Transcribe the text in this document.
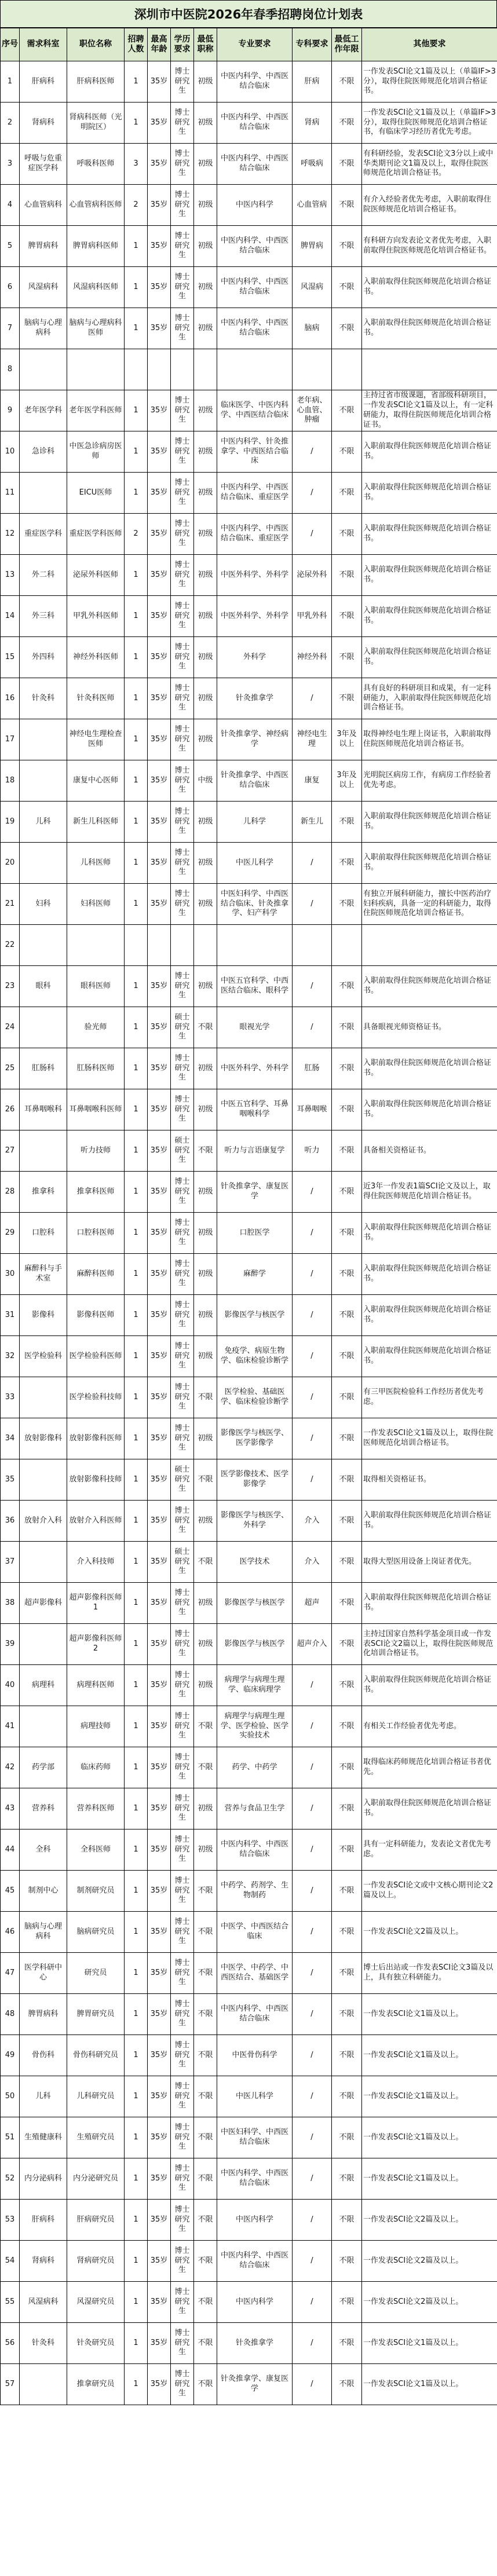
深圳市中医院2026年春季招聘岗位计划表
序号	需求科室	职位名称	招聘人数	最高年龄	学历要求	最低职称	专业要求	专科要求	最低工作年限	其他要求
1	肝病科	肝病科医师	1	35岁	博士研究生	初级	中医内科学、中西医结合临床	肝病	不限	一作发表SCI论文1篇及以上（单篇IF>3分），取得住院医师规范化培训合格证书。
2	肾病科	肾病科医师（光明院区）	1	35岁	博士研究生	初级	中医内科学、中西医结合临床	肾病	不限	一作发表SCI论文1篇及以上（单篇IF>3分），取得住院医师规范化培训合格证书，有临床学习经历者优先考虑。
3	呼吸与危重症医学科	呼吸科医师	3	35岁	博士研究生	初级	中医内科学、中西医结合临床	呼吸病	不限	有科研经验，发表SCI论文3分以上或中华类期刊论文1篇及以上，取得住院医师规范化培训合格证书。
4	心血管病科	心血管病科医师	2	35岁	博士研究生	初级	中医内科学	心血管病	不限	有介入经验者优先考虑，入职前取得住院医师规范化培训合格证书。
5	脾胃病科	脾胃病科医师	1	35岁	博士研究生	初级	中医内科学、中西医结合临床	脾胃病	不限	有科研方向发表论文者优先考虑，入职前取得住院医师规范化培训合格证书。
6	风湿病科	风湿病科医师	1	35岁	博士研究生	初级	中医内科学、中西医结合临床	风湿病	不限	入职前取得住院医师规范化培训合格证书。
7	脑病与心理病科	脑病与心理病科医师	1	35岁	博士研究生	初级	中医内科学、中西医结合临床	脑病	不限	入职前取得住院医师规范化培训合格证书。
8										
9	老年医学科	老年医学科医师	1	35岁	博士研究生	初级	临床医学、中医内科学、中西医结合临床	老年病、心血管、肿瘤	不限	主持过省市级课题，省部级科研项目，一作发表SCI论文1篇及以上，有一定科研能力，取得住院医师规范化培训合格证书。
10	急诊科	中医急诊病房医师	1	35岁	博士研究生	初级	中医内科学、针灸推拿学、中西医结合临床	/	不限	入职前取得住院医师规范化培训合格证书。
11		EICU医师	1	35岁	博士研究生	初级	中医内科学、中西医结合临床、重症医学	/	不限	入职前取得住院医师规范化培训合格证书。
12	重症医学科	重症医学科医师	2	35岁	博士研究生	初级	中医内科学、中西医结合临床、重症医学	/	不限	入职前取得住院医师规范化培训合格证书。
13	外二科	泌尿外科医师	1	35岁	博士研究生	初级	中医外科学、外科学	泌尿外科	不限	入职前取得住院医师规范化培训合格证书。
14	外三科	甲乳外科医师	1	35岁	博士研究生	初级	中医外科学、外科学	甲乳外科	不限	入职前取得住院医师规范化培训合格证书。
15	外四科	神经外科医师	1	35岁	博士研究生	初级	外科学	神经外科	不限	入职前取得住院医师规范化培训合格证书。
16	针灸科	针灸科医师	1	35岁	博士研究生	初级	针灸推拿学	/	不限	具有良好的科研项目和成果，有一定科研能力，入职前取得住院医师规范化培训合格证书。
17		神经电生理检查医师	1	35岁	博士研究生	初级	针灸推拿学、神经病学	神经电生理	3年及以上	取得神经电生理上岗证书，入职前取得住院医师规范化培训合格证书。
18		康复中心医师	1	35岁	博士研究生	中级	针灸推拿学、中西医结合临床	康复	3年及以上	光明院区病房工作，有病房工作经验者优先考虑。
19	儿科	新生儿科医师	1	35岁	博士研究生	初级	儿科学	新生儿	不限	入职前取得住院医师规范化培训合格证书。
20		儿科医师	1	35岁	博士研究生	初级	中医儿科学	/	不限	入职前取得住院医师规范化培训合格证书。
21	妇科	妇科医师	1	35岁	博士研究生	初级	中医妇科学、中西医结合临床、针灸推拿学、妇产科学	/	不限	有独立开展科研能力，擅长中医药治疗妇科疾病，具备一定的科研能力，取得住院医师规范化培训合格证书。
22										
23	眼科	眼科医师	1	35岁	博士研究生	初级	中医五官科学、中西医结合临床、眼科学	/	不限	入职前取得住院医师规范化培训合格证书。
24		验光师	1	35岁	硕士研究生	不限	眼视光学	/	不限	具备眼视光师资格证书。
25	肛肠科	肛肠科医师	1	35岁	博士研究生	初级	中医外科学、外科学	肛肠	不限	入职前取得住院医师规范化培训合格证书。
26	耳鼻咽喉科	耳鼻咽喉科医师	1	35岁	博士研究生	初级	中医五官科学、耳鼻咽喉科学	耳鼻咽喉	不限	入职前取得住院医师规范化培训合格证书。
27		听力技师	1	35岁	硕士研究生	不限	听力与言语康复学	听力	不限	具备相关资格证书。
28	推拿科	推拿科医师	1	35岁	博士研究生	初级	针灸推拿学、康复医学	/	不限	近3年一作发表1篇SCI论文及以上，取得住院医师规范化培训合格证书。
29	口腔科	口腔科医师	1	35岁	博士研究生	初级	口腔医学	/	不限	入职前取得住院医师规范化培训合格证书。
30	麻醉科与手术室	麻醉科医师	1	35岁	博士研究生	初级	麻醉学	/	不限	入职前取得住院医师规范化培训合格证书。
31	影像科	影像科医师	1	35岁	博士研究生	初级	影像医学与核医学	/	不限	入职前取得住院医师规范化培训合格证书。
32	医学检验科	医学检验科医师	1	35岁	博士研究生	初级	免疫学、病原生物学、临床检验诊断学	/	不限	入职前取得住院医师规范化培训合格证书。
33		医学检验科技师	1	35岁	博士研究生	不限	医学检验、基础医学、临床检验诊断学	/	不限	有三甲医院检验科工作经历者优先考虑。
34	放射影像科	放射影像科医师	1	35岁	博士研究生	初级	影像医学与核医学、医学影像学	/	不限	一作发表SCI论文1篇及以上，取得住院医师规范化培训合格证书。
35		放射影像科技师	1	35岁	硕士研究生	不限	医学影像技术、医学影像学	/	不限	取得相关资格证书。
36	放射介入科	放射介入科医师	1	35岁	博士研究生	初级	影像医学与核医学、外科学	介入	不限	入职前取得住院医师规范化培训合格证书。
37		介入科技师	1	35岁	硕士研究生	不限	医学技术	介入	不限	取得大型医用设备上岗证者优先。
38	超声影像科	超声影像科医师1	1	35岁	博士研究生	初级	影像医学与核医学	超声	不限	入职前取得住院医师规范化培训合格证书。
39		超声影像科医师2	1	35岁	博士研究生	初级	影像医学与核医学	超声介入	不限	主持过国家自然科学基金项目或一作发表SCI论文2篇以上，取得住院医师规范化培训合格证书。
40	病理科	病理科医师	1	35岁	博士研究生	初级	病理学与病理生理学、临床病理学	/	不限	入职前取得住院医师规范化培训合格证书。
41		病理技师	1	35岁	博士研究生	不限	病理学与病理生理学、医学检验、医学实验技术	/	不限	有相关工作经验者优先考虑。
42	药学部	临床药师	1	35岁	博士研究生	不限	药学、中药学	/	不限	取得临床药师规范化培训合格证书者优先。
43	营养科	营养科医师	1	35岁	博士研究生	初级	营养与食品卫生学	/	不限	入职前取得住院医师规范化培训合格证书。
44	全科	全科医师	1	35岁	博士研究生	初级	中医内科学、中西医结合临床	/	不限	具有一定科研能力，发表论文者优先考虑。
45	制剂中心	制剂研究员	1	35岁	博士研究生	不限	中药学、药剂学、生物制药	/	不限	一作发表SCI论文或中文核心期刊论文2篇及以上。
46	脑病与心理病科	脑病研究员	1	35岁	博士研究生	不限	中医学、中西医结合临床	/	不限	一作发表SCI论文2篇及以上。
47	医学科研中心	研究员	1	35岁	博士研究生	不限	中医学、中药学、中西医结合、基础医学	/	不限	博士后出站或一作发表SCI论文3篇及以上，具有独立科研能力。
48	脾胃病科	脾胃研究员	1	35岁	博士研究生	不限	中医内科学、中西医结合临床	/	不限	一作发表SCI论文1篇及以上。
49	骨伤科	骨伤科研究员	1	35岁	博士研究生	不限	中医骨伤科学	/	不限	一作发表SCI论文1篇及以上。
50	儿科	儿科研究员	1	35岁	博士研究生	不限	中医儿科学	/	不限	一作发表SCI论文1篇及以上。
51	生殖健康科	生殖研究员	1	35岁	博士研究生	不限	中医妇科学、中西医结合临床	/	不限	一作发表SCI论文1篇及以上。
52	内分泌病科	内分泌研究员	1	35岁	博士研究生	不限	中医内科学、中西医结合临床	/	不限	一作发表SCI论文1篇及以上。
53	肝病科	肝病研究员	1	35岁	博士研究生	不限	中医内科学	/	不限	一作发表SCI论文2篇及以上。
54	肾病科	肾病研究员	1	35岁	博士研究生	不限	中医内科学、中西医结合临床	/	不限	一作发表SCI论文2篇及以上。
55	风湿病科	风湿研究员	1	35岁	博士研究生	不限	中医内科学	/	不限	一作发表SCI论文2篇及以上。
56	针灸科	针灸研究员	1	35岁	博士研究生	不限	针灸推拿学	/	不限	一作发表SCI论文1篇及以上。
57		推拿研究员	1	35岁	博士研究生	不限	针灸推拿学、康复医学	/	不限	一作发表SCI论文1篇及以上。
